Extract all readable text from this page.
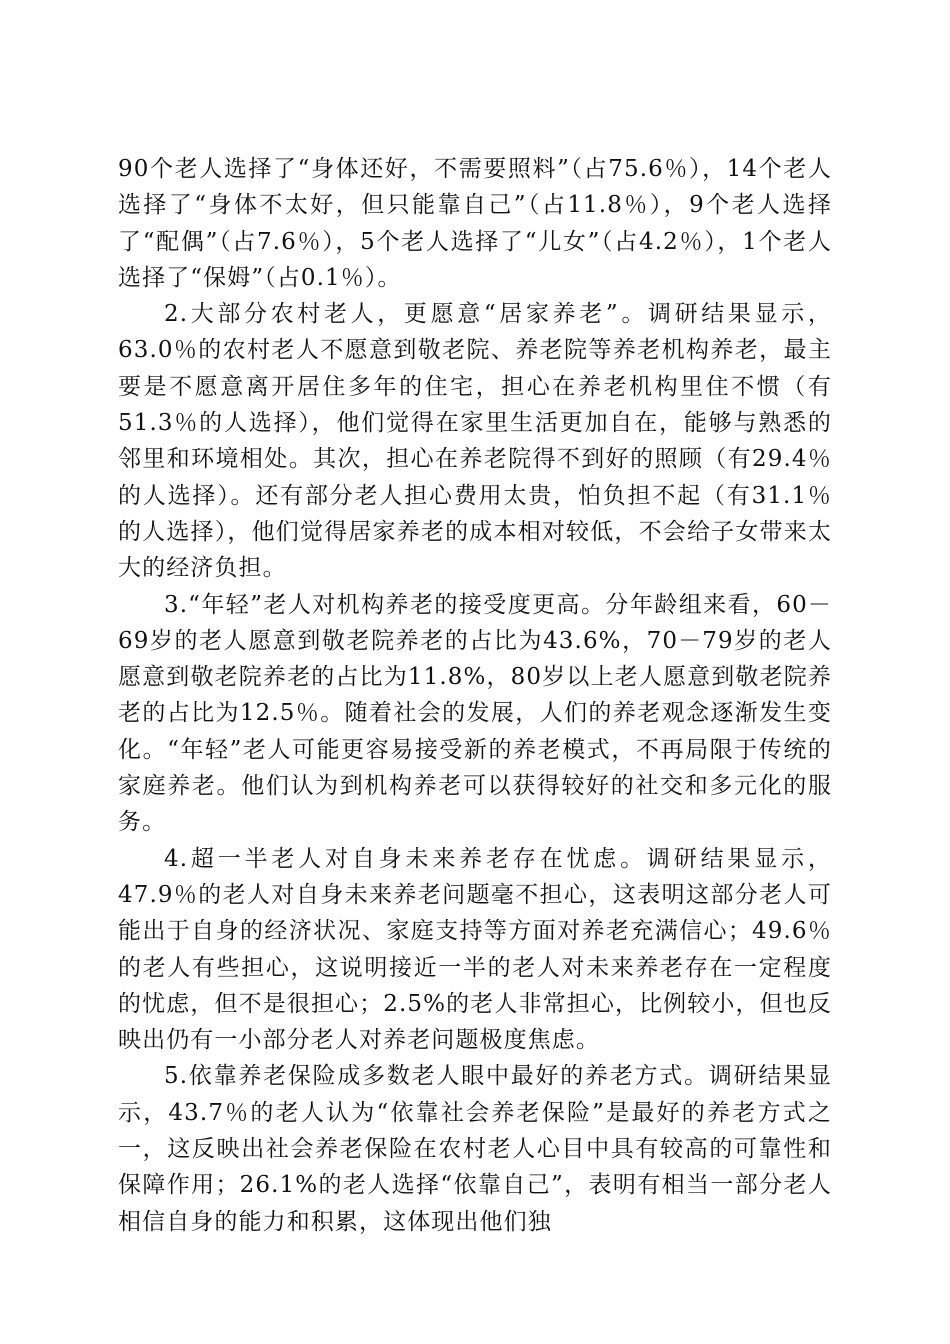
90个老人选择了“身体还好，不需要照料”（占75.6％），14个老人选择了“身体不太好，但只能靠自己”（占11.8％），9个老人选择了“配偶”（占7.6％），5个老人选择了“儿女”（占4.2％），1个老人选择了“保姆”（占0.1％）。

2.大部分农村老人，更愿意“居家养老”。调研结果显示，63.0％的农村老人不愿意到敬老院、养老院等养老机构养老，最主要是不愿意离开居住多年的住宅，担心在养老机构里住不惯（有51.3％的人选择），他们觉得在家里生活更加自在，能够与熟悉的邻里和环境相处。其次，担心在养老院得不到好的照顾（有29.4％的人选择）。还有部分老人担心费用太贵，怕负担不起（有31.1％的人选择），他们觉得居家养老的成本相对较低，不会给子女带来太大的经济负担。

3.“年轻”老人对机构养老的接受度更高。分年龄组来看，60－69岁的老人愿意到敬老院养老的占比为43.6%，70－79岁的老人愿意到敬老院养老的占比为11.8%，80岁以上老人愿意到敬老院养老的占比为12.5％。随着社会的发展，人们的养老观念逐渐发生变化。“年轻”老人可能更容易接受新的养老模式，不再局限于传统的家庭养老。他们认为到机构养老可以获得较好的社交和多元化的服务。

4.超一半老人对自身未来养老存在忧虑。调研结果显示，47.9％的老人对自身未来养老问题毫不担心，这表明这部分老人可能出于自身的经济状况、家庭支持等方面对养老充满信心；49.6％的老人有些担心，这说明接近一半的老人对未来养老存在一定程度的忧虑，但不是很担心；2.5%的老人非常担心，比例较小，但也反映出仍有一小部分老人对养老问题极度焦虑。

5.依靠养老保险成多数老人眼中最好的养老方式。调研结果显示，43.7％的老人认为“依靠社会养老保险”是最好的养老方式之一，这反映出社会养老保险在农村老人心目中具有较高的可靠性和保障作用；26.1%的老人选择“依靠自己”，表明有相当一部分老人相信自身的能力和积累，这体现出他们独
